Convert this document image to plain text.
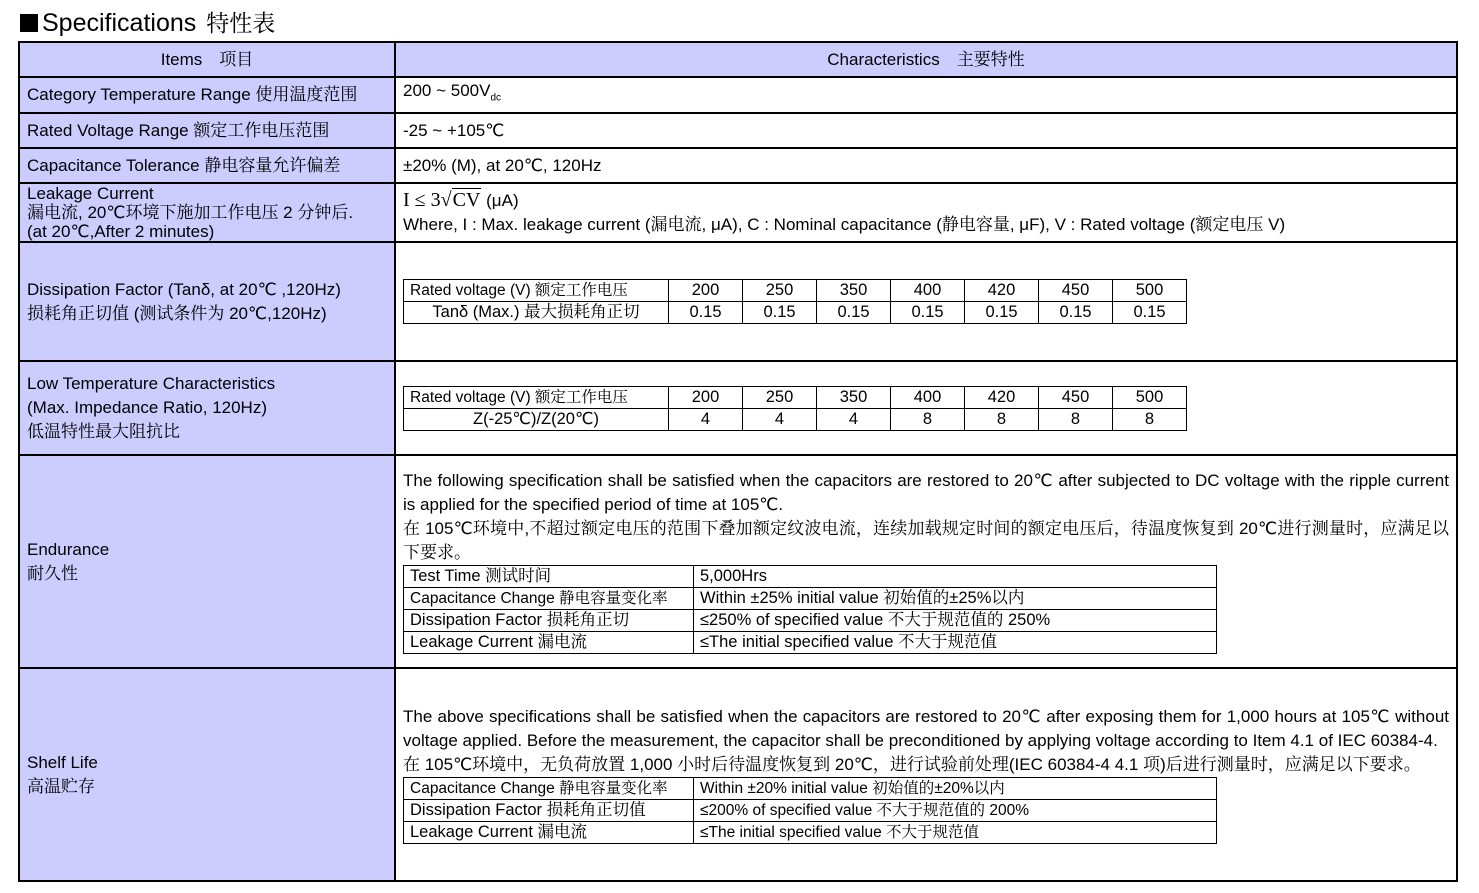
Specifications 特性表
Items　项目	Characteristics　主要特性
Category Temperature Range 使用温度范围	200 ~ $500V_{dc}$
Rated Voltage Range 额定工作电压范围	-25 ~ +105℃
Capacitance Tolerance 静电容量允许偏差	±20% (M), at 20℃, 120Hz

Leakage Current
漏电流, 20℃环境下施加工作电压 2 分钟后.
(at 20℃,After 2 minutes)

I ≤ 3√CV (μA)
Where, I : Max. leakage current (漏电流, μA), C : Nominal capacitance (静电容量, μF), V : Rated voltage (额定电压 V)

Dissipation Factor (Tanδ, at 20℃ ,120Hz)
损耗角正切值 (测试条件为 20℃,120Hz)

Rated voltage (V) 额定工作电压	200	250	350	400	420	450	500
Tanδ (Max.) 最大损耗角正切	0.15	0.15	0.15	0.15	0.15	0.15	0.15

Low Temperature Characteristics
(Max. Impedance Ratio, 120Hz)
低温特性最大阻抗比

Rated voltage (V) 额定工作电压	200	250	350	400	420	450	500
Z(-25℃)/Z(20℃)	4	4	4	8	8	8	8

Endurance
耐久性

The following specification shall be satisfied when the capacitors are restored to 20℃ after subjected to DC voltage with the ripple current is applied for the specified period of time at 105℃.

在 105℃环境中,不超过额定电压的范围下叠加额定纹波电流，连续加载规定时间的额定电压后，待温度恢复到 20℃进行测量时，应满足以下要求。

Test Time 测试时间	5,000Hrs
Capacitance Change 静电容量变化率	Within ±25% initial value 初始值的±25%以内
Dissipation Factor 损耗角正切	≤250% of specified value 不大于规范值的 250%
Leakage Current 漏电流	≤The initial specified value 不大于规范值

Shelf Life
高温贮存

The above specifications shall be satisfied when the capacitors are restored to 20℃ after exposing them for 1,000 hours at 105℃ without voltage applied. Before the measurement, the capacitor shall be preconditioned by applying voltage according to Item 4.1 of IEC 60384-4.

在 105℃环境中，无负荷放置 1,000 小时后待温度恢复到 20℃，进行试验前处理(IEC 60384-4 4.1 项)后进行测量时，应满足以下要求。

Capacitance Change 静电容量变化率	Within ±20% initial value 初始值的±20%以内
Dissipation Factor 损耗角正切值	≤200% of specified value 不大于规范值的 200%
Leakage Current 漏电流	≤The initial specified value 不大于规范值
